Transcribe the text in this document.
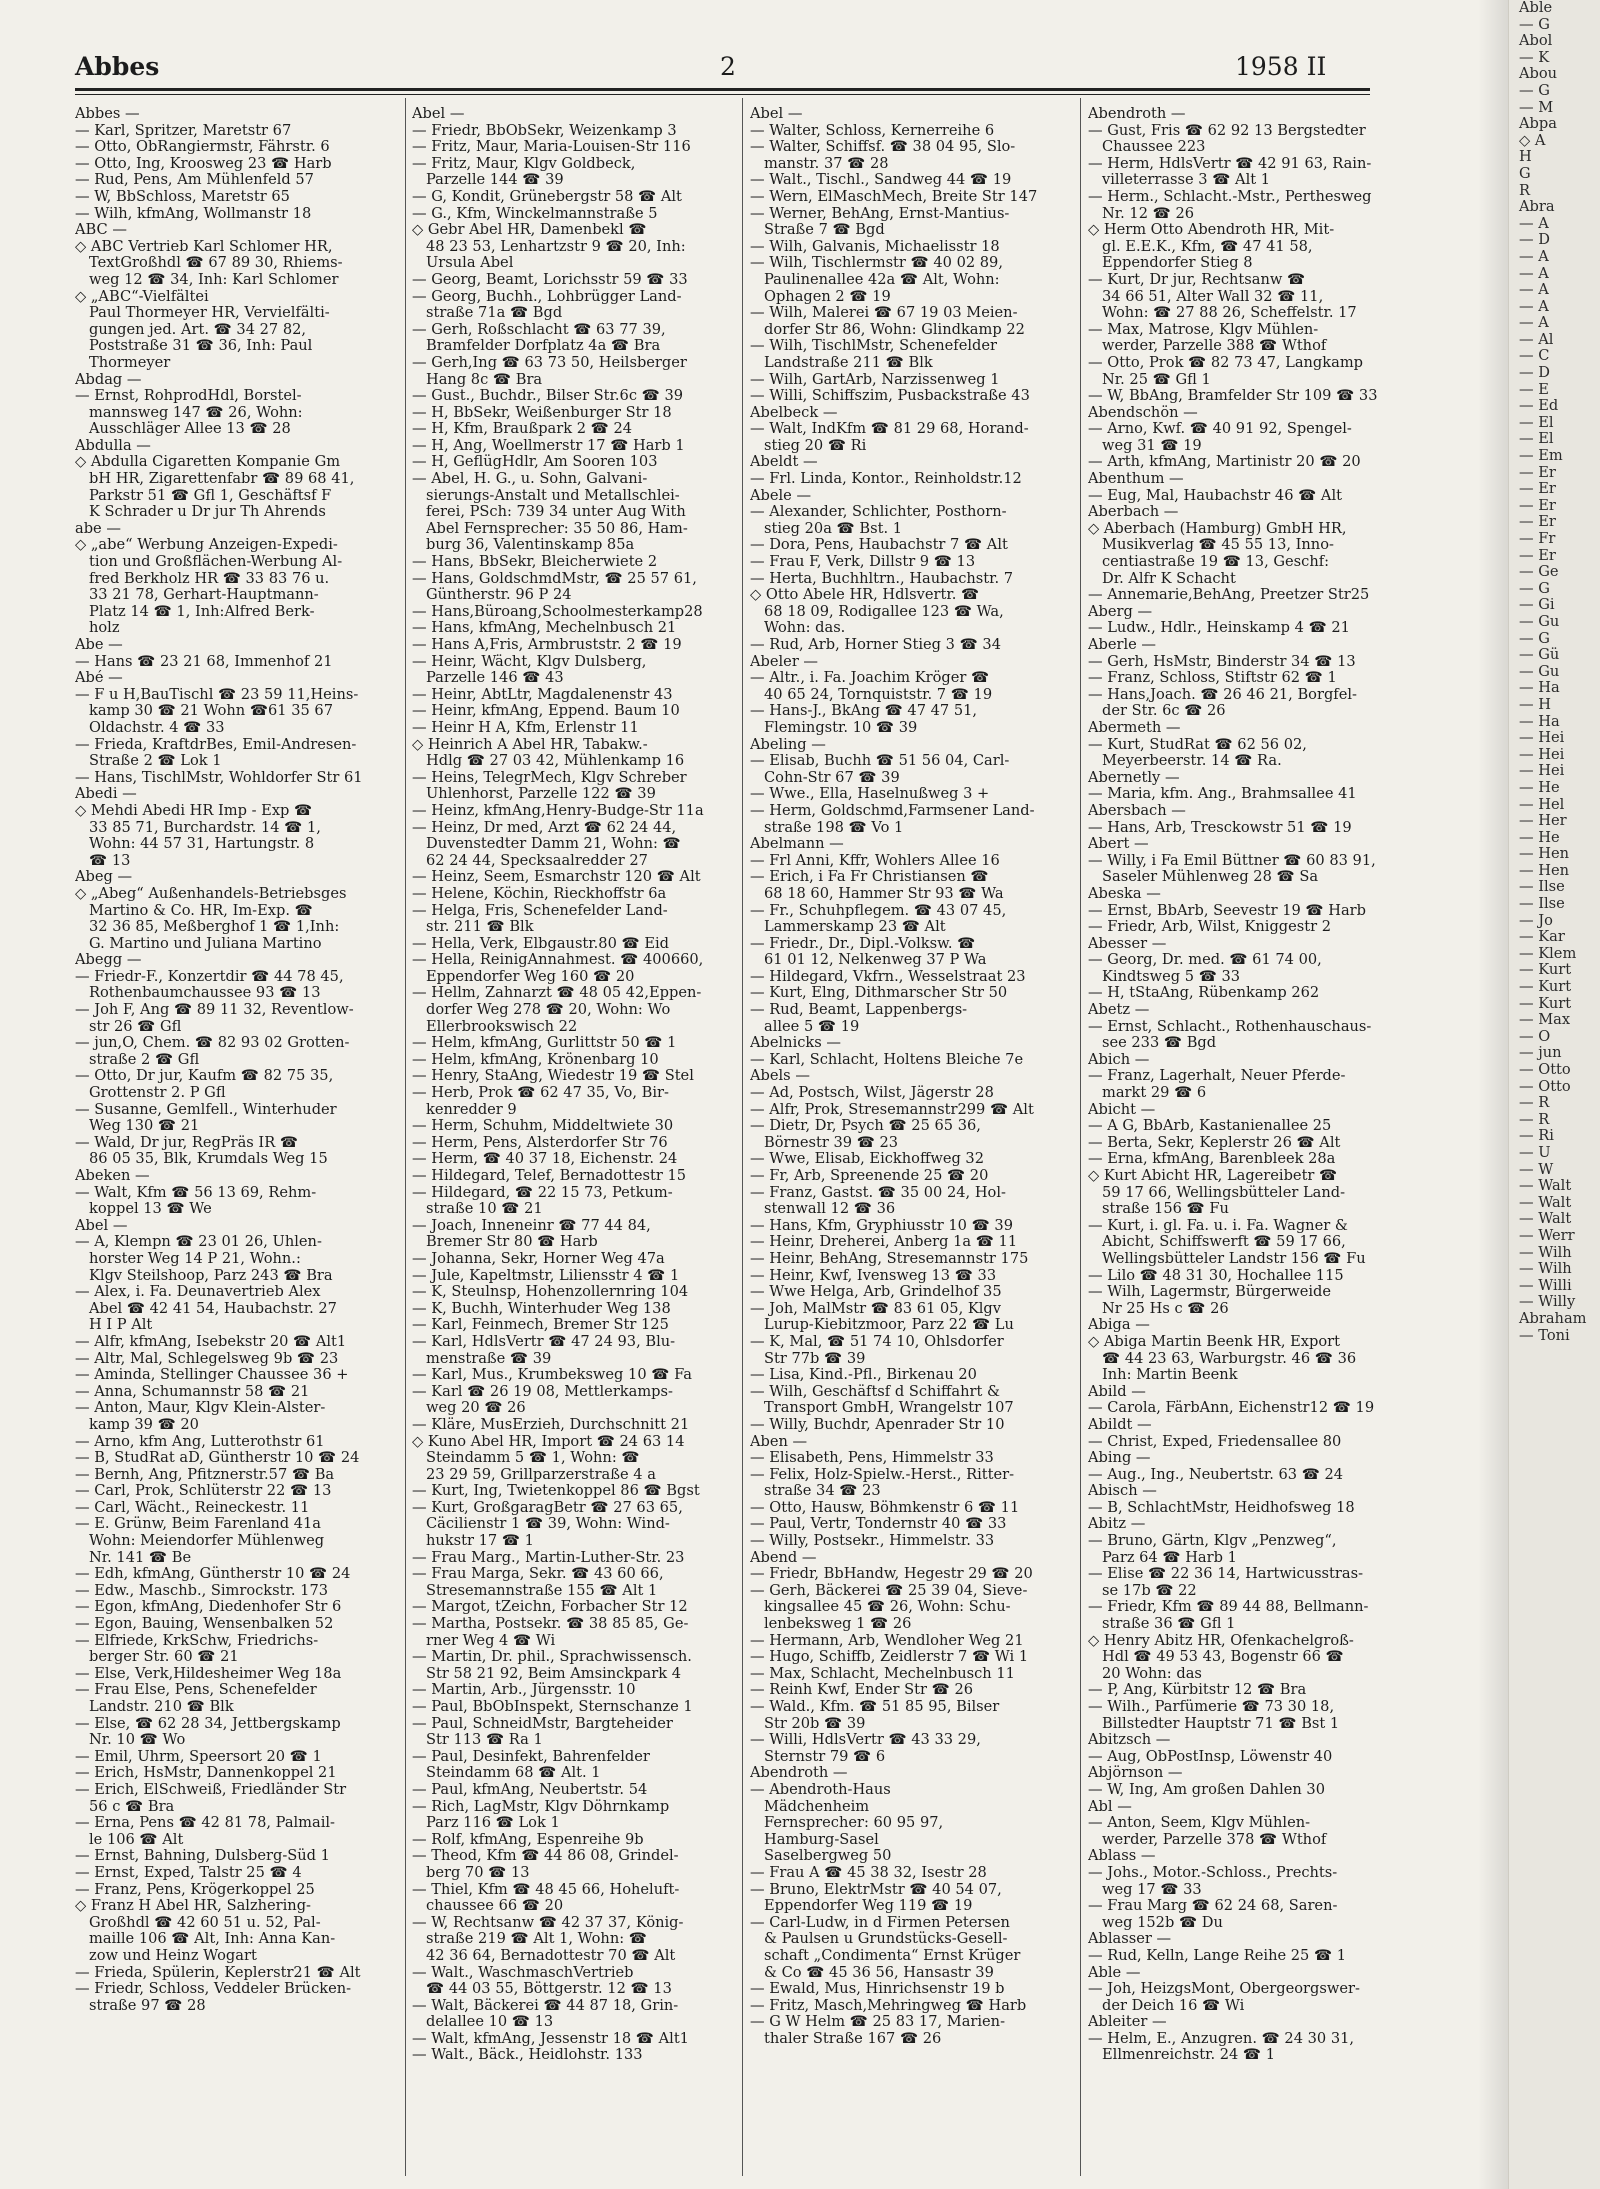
Abbes	2	1958 II
Abbes —
— Karl, Spritzer, Maretstr 67
— Otto, ObRangiermstr, Fährstr. 6
— Otto, Ing, Kroosweg 23 ☎ Harb
— Rud, Pens, Am Mühlenfeld 57
— W, BbSchloss, Maretstr 65
— Wilh, kfmAng, Wollmanstr 18
ABC —
◇ ABC Vertrieb Karl Schlomer HR,
TextGroßhdl ☎ 67 89 30, Rhiems-
weg 12 ☎ 34, Inh: Karl Schlomer
◇ „ABC“-Vielfältei
Paul Thormeyer HR, Vervielfälti-
gungen jed. Art. ☎ 34 27 82,
Poststraße 31 ☎ 36, Inh: Paul
Thormeyer
Abdag —
— Ernst, RohprodHdl, Borstel-
mannsweg 147 ☎ 26, Wohn:
Ausschläger Allee 13 ☎ 28
Abdulla —
◇ Abdulla Cigaretten Kompanie Gm
bH HR, Zigarettenfabr ☎ 89 68 41,
Parkstr 51 ☎ Gfl 1, Geschäftsf F
K Schrader u Dr jur Th Ahrends
abe —
◇ „abe“ Werbung Anzeigen-Expedi-
tion und Großflächen-Werbung Al-
fred Berkholz HR ☎ 33 83 76 u.
33 21 78, Gerhart-Hauptmann-
Platz 14 ☎ 1, Inh:Alfred Berk-
holz
Abe —
— Hans ☎ 23 21 68, Immenhof 21
Abé —
— F u H,BauTischl ☎ 23 59 11,Heins-
kamp 30 ☎ 21 Wohn ☎61 35 67
Oldachstr. 4 ☎ 33
— Frieda, KraftdrBes, Emil-Andresen-
Straße 2 ☎ Lok 1
— Hans, TischlMstr, Wohldorfer Str 61
Abedi —
◇ Mehdi Abedi HR Imp - Exp ☎
33 85 71, Burchardstr. 14 ☎ 1,
Wohn: 44 57 31, Hartungstr. 8
☎ 13
Abeg —
◇ „Abeg“ Außenhandels-Betriebsges
Martino & Co. HR, Im-Exp. ☎
32 36 85, Meßberghof 1 ☎ 1,Inh:
G. Martino und Juliana Martino
Abegg —
— Friedr-F., Konzertdir ☎ 44 78 45,
Rothenbaumchaussee 93 ☎ 13
— Joh F, Ang ☎ 89 11 32, Reventlow-
str 26 ☎ Gfl
— jun,O, Chem. ☎ 82 93 02 Grotten-
straße 2 ☎ Gfl
— Otto, Dr jur, Kaufm ☎ 82 75 35,
Grottenstr 2. P Gfl
— Susanne, Gemlfell., Winterhuder
Weg 130 ☎ 21
— Wald, Dr jur, RegPräs IR ☎
86 05 35, Blk, Krumdals Weg 15
Abeken —
— Walt, Kfm ☎ 56 13 69, Rehm-
koppel 13 ☎ We
Abel —
— A, Klempn ☎ 23 01 26, Uhlen-
horster Weg 14 P 21, Wohn.:
Klgv Steilshoop, Parz 243 ☎ Bra
— Alex, i. Fa. Deunavertrieb Alex
Abel ☎ 42 41 54, Haubachstr. 27
H I P Alt
— Alfr, kfmAng, Isebekstr 20 ☎ Alt1
— Altr, Mal, Schlegelsweg 9b ☎ 23
— Aminda, Stellinger Chaussee 36 +
— Anna, Schumannstr 58 ☎ 21
— Anton, Maur, Klgv Klein-Alster-
kamp 39 ☎ 20
— Arno, kfm Ang, Lutterothstr 61
— B, StudRat aD, Güntherstr 10 ☎ 24
— Bernh, Ang, Pfitznerstr.57 ☎ Ba
— Carl, Prok, Schlüterstr 22 ☎ 13
— Carl, Wächt., Reineckestr. 11
— E. Grünw, Beim Farenland 41a
Wohn: Meiendorfer Mühlenweg
Nr. 141 ☎ Be
— Edh, kfmAng, Güntherstr 10 ☎ 24
— Edw., Maschb., Simrockstr. 173
— Egon, kfmAng, Diedenhofer Str 6
— Egon, Bauing, Wensenbalken 52
— Elfriede, KrkSchw, Friedrichs-
berger Str. 60 ☎ 21
— Else, Verk,Hildesheimer Weg 18a
— Frau Else, Pens, Schenefelder
Landstr. 210 ☎ Blk
— Else, ☎ 62 28 34, Jettbergskamp
Nr. 10 ☎ Wo
— Emil, Uhrm, Speersort 20 ☎ 1
— Erich, HsMstr, Dannenkoppel 21
— Erich, ElSchweiß, Friedländer Str
56 c ☎ Bra
— Erna, Pens ☎ 42 81 78, Palmail-
le 106 ☎ Alt
— Ernst, Bahning, Dulsberg-Süd 1
— Ernst, Exped, Talstr 25 ☎ 4
— Franz, Pens, Krögerkoppel 25
◇ Franz H Abel HR, Salzhering-
Großhdl ☎ 42 60 51 u. 52, Pal-
maille 106 ☎ Alt, Inh: Anna Kan-
zow und Heinz Wogart
— Frieda, Spülerin, Keplerstr21 ☎ Alt
— Friedr, Schloss, Veddeler Brücken-
straße 97 ☎ 28
Abel —
— Friedr, BbObSekr, Weizenkamp 3
— Fritz, Maur, Maria-Louisen-Str 116
— Fritz, Maur, Klgv Goldbeck,
Parzelle 144 ☎ 39
— G, Kondit, Grünebergstr 58 ☎ Alt
— G., Kfm, Winckelmannstraße 5
◇ Gebr Abel HR, Damenbekl ☎
48 23 53, Lenhartzstr 9 ☎ 20, Inh:
Ursula Abel
— Georg, Beamt, Lorichsstr 59 ☎ 33
— Georg, Buchh., Lohbrügger Land-
straße 71a ☎ Bgd
— Gerh, Roßschlacht ☎ 63 77 39,
Bramfelder Dorfplatz 4a ☎ Bra
— Gerh,Ing ☎ 63 73 50, Heilsberger
Hang 8c ☎ Bra
— Gust., Buchdr., Bilser Str.6c ☎ 39
— H, BbSekr, Weißenburger Str 18
— H, Kfm, Braußpark 2 ☎ 24
— H, Ang, Woellmerstr 17 ☎ Harb 1
— H, GeflügHdlr, Am Sooren 103
— Abel, H. G., u. Sohn, Galvani-
sierungs-Anstalt und Metallschlei-
ferei, PSch: 739 34 unter Aug With
Abel Fernsprecher: 35 50 86, Ham-
burg 36, Valentinskamp 85a
— Hans, BbSekr, Bleicherwiete 2
— Hans, GoldschmdMstr, ☎ 25 57 61,
Güntherstr. 96 P 24
— Hans,Büroang,Schoolmesterkamp28
— Hans, kfmAng, Mechelnbusch 21
— Hans A,Fris, Armbruststr. 2 ☎ 19
— Heinr, Wächt, Klgv Dulsberg,
Parzelle 146 ☎ 43
— Heinr, AbtLtr, Magdalenenstr 43
— Heinr, kfmAng, Eppend. Baum 10
— Heinr H A, Kfm, Erlenstr 11
◇ Heinrich A Abel HR, Tabakw.-
Hdlg ☎ 27 03 42, Mühlenkamp 16
— Heins, TelegrMech, Klgv Schreber
Uhlenhorst, Parzelle 122 ☎ 39
— Heinz, kfmAng,Henry-Budge-Str 11a
— Heinz, Dr med, Arzt ☎ 62 24 44,
Duvenstedter Damm 21, Wohn: ☎
62 24 44, Specksaalredder 27
— Heinz, Seem, Esmarchstr 120 ☎ Alt
— Helene, Köchin, Rieckhoffstr 6a
— Helga, Fris, Schenefelder Land-
str. 211 ☎ Blk
— Hella, Verk, Elbgaustr.80 ☎ Eid
— Hella, ReinigAnnahmest. ☎ 400660,
Eppendorfer Weg 160 ☎ 20
— Hellm, Zahnarzt ☎ 48 05 42,Eppen-
dorfer Weg 278 ☎ 20, Wohn: Wo
Ellerbrookswisch 22
— Helm, kfmAng, Gurlittstr 50 ☎ 1
— Helm, kfmAng, Krönenbarg 10
— Henry, StaAng, Wiedestr 19 ☎ Stel
— Herb, Prok ☎ 62 47 35, Vo, Bir-
kenredder 9
— Herm, Schuhm, Middeltwiete 30
— Herm, Pens, Alsterdorfer Str 76
— Herm, ☎ 40 37 18, Eichenstr. 24
— Hildegard, Telef, Bernadottestr 15
— Hildegard, ☎ 22 15 73, Petkum-
straße 10 ☎ 21
— Joach, Inneneinr ☎ 77 44 84,
Bremer Str 80 ☎ Harb
— Johanna, Sekr, Horner Weg 47a
— Jule, Kapeltmstr, Liliensstr 4 ☎ 1
— K, Steulnsp, Hohenzollernring 104
— K, Buchh, Winterhuder Weg 138
— Karl, Feinmech, Bremer Str 125
— Karl, HdlsVertr ☎ 47 24 93, Blu-
menstraße ☎ 39
— Karl, Mus., Krumbeksweg 10 ☎ Fa
— Karl ☎ 26 19 08, Mettlerkamps-
weg 20 ☎ 26
— Kläre, MusErzieh, Durchschnitt 21
◇ Kuno Abel HR, Import ☎ 24 63 14
Steindamm 5 ☎ 1, Wohn: ☎
23 29 59, Grillparzerstraße 4 a
— Kurt, Ing, Twietenkoppel 86 ☎ Bgst
— Kurt, GroßgaragBetr ☎ 27 63 65,
Cäcilienstr 1 ☎ 39, Wohn: Wind-
hukstr 17 ☎ 1
— Frau Marg., Martin-Luther-Str. 23
— Frau Marga, Sekr. ☎ 43 60 66,
Stresemannstraße 155 ☎ Alt 1
— Margot, tZeichn, Forbacher Str 12
— Martha, Postsekr. ☎ 38 85 85, Ge-
rner Weg 4 ☎ Wi
— Martin, Dr. phil., Sprachwissensch.
Str 58 21 92, Beim Amsinckpark 4
— Martin, Arb., Jürgensstr. 10
— Paul, BbObInspekt, Sternschanze 1
— Paul, SchneidMstr, Bargteheider
Str 113 ☎ Ra 1
— Paul, Desinfekt, Bahrenfelder
Steindamm 68 ☎ Alt. 1
— Paul, kfmAng, Neubertstr. 54
— Rich, LagMstr, Klgv Döhrnkamp
Parz 116 ☎ Lok 1
— Rolf, kfmAng, Espenreihe 9b
— Theod, Kfm ☎ 44 86 08, Grindel-
berg 70 ☎ 13
— Thiel, Kfm ☎ 48 45 66, Hoheluft-
chaussee 66 ☎ 20
— W, Rechtsanw ☎ 42 37 37, König-
straße 219 ☎ Alt 1, Wohn: ☎
42 36 64, Bernadottestr 70 ☎ Alt
— Walt., WaschmaschVertrieb
☎ 44 03 55, Böttgerstr. 12 ☎ 13
— Walt, Bäckerei ☎ 44 87 18, Grin-
delallee 10 ☎ 13
— Walt, kfmAng, Jessenstr 18 ☎ Alt1
— Walt., Bäck., Heidlohstr. 133
Abel —
— Walter, Schloss, Kernerreihe 6
— Walter, Schiffsf. ☎ 38 04 95, Slo-
manstr. 37 ☎ 28
— Walt., Tischl., Sandweg 44 ☎ 19
— Wern, ElMaschMech, Breite Str 147
— Werner, BehAng, Ernst-Mantius-
Straße 7 ☎ Bgd
— Wilh, Galvanis, Michaelisstr 18
— Wilh, Tischlermstr ☎ 40 02 89,
Paulinenallee 42a ☎ Alt, Wohn:
Ophagen 2 ☎ 19
— Wilh, Malerei ☎ 67 19 03 Meien-
dorfer Str 86, Wohn: Glindkamp 22
— Wilh, TischlMstr, Schenefelder
Landstraße 211 ☎ Blk
— Wilh, GartArb, Narzissenweg 1
— Willi, Schiffszim, Pusbackstraße 43
Abelbeck —
— Walt, IndKfm ☎ 81 29 68, Horand-
stieg 20 ☎ Ri
Abeldt —
— Frl. Linda, Kontor., Reinholdstr.12
Abele —
— Alexander, Schlichter, Posthorn-
stieg 20a ☎ Bst. 1
— Dora, Pens, Haubachstr 7 ☎ Alt
— Frau F, Verk, Dillstr 9 ☎ 13
— Herta, Buchhltrn., Haubachstr. 7
◇ Otto Abele HR, Hdlsvertr. ☎
68 18 09, Rodigallee 123 ☎ Wa,
Wohn: das.
— Rud, Arb, Horner Stieg 3 ☎ 34
Abeler —
— Altr., i. Fa. Joachim Kröger ☎
40 65 24, Tornquiststr. 7 ☎ 19
— Hans-J., BkAng ☎ 47 47 51,
Flemingstr. 10 ☎ 39
Abeling —
— Elisab, Buchh ☎ 51 56 04, Carl-
Cohn-Str 67 ☎ 39
— Wwe., Ella, Haselnußweg 3 +
— Herm, Goldschmd,Farmsener Land-
straße 198 ☎ Vo 1
Abelmann —
— Frl Anni, Kffr, Wohlers Allee 16
— Erich, i Fa Fr Christiansen ☎
68 18 60, Hammer Str 93 ☎ Wa
— Fr., Schuhpflegem. ☎ 43 07 45,
Lammerskamp 23 ☎ Alt
— Friedr., Dr., Dipl.-Volksw. ☎
61 01 12, Nelkenweg 37 P Wa
— Hildegard, Vkfrn., Wesselstraat 23
— Kurt, Elng, Dithmarscher Str 50
— Rud, Beamt, Lappenbergs-
allee 5 ☎ 19
Abelnicks —
— Karl, Schlacht, Holtens Bleiche 7e
Abels —
— Ad, Postsch, Wilst, Jägerstr 28
— Alfr, Prok, Stresemannstr299 ☎ Alt
— Dietr, Dr, Psych ☎ 25 65 36,
Börnestr 39 ☎ 23
— Wwe, Elisab, Eickhoffweg 32
— Fr, Arb, Spreenende 25 ☎ 20
— Franz, Gastst. ☎ 35 00 24, Hol-
stenwall 12 ☎ 36
— Hans, Kfm, Gryphiusstr 10 ☎ 39
— Heinr, Dreherei, Anberg 1a ☎ 11
— Heinr, BehAng, Stresemannstr 175
— Heinr, Kwf, Ivensweg 13 ☎ 33
— Wwe Helga, Arb, Grindelhof 35
— Joh, MalMstr ☎ 83 61 05, Klgv
Lurup-Kiebitzmoor, Parz 22 ☎ Lu
— K, Mal, ☎ 51 74 10, Ohlsdorfer
Str 77b ☎ 39
— Lisa, Kind.-Pfl., Birkenau 20
— Wilh, Geschäftsf d Schiffahrt &
Transport GmbH, Wrangelstr 107
— Willy, Buchdr, Apenrader Str 10
Aben —
— Elisabeth, Pens, Himmelstr 33
— Felix, Holz-Spielw.-Herst., Ritter-
straße 34 ☎ 23
— Otto, Hausw, Böhmkenstr 6 ☎ 11
— Paul, Vertr, Tondernstr 40 ☎ 33
— Willy, Postsekr., Himmelstr. 33
Abend —
— Friedr, BbHandw, Hegestr 29 ☎ 20
— Gerh, Bäckerei ☎ 25 39 04, Sieve-
kingsallee 45 ☎ 26, Wohn: Schu-
lenbeksweg 1 ☎ 26
— Hermann, Arb, Wendloher Weg 21
— Hugo, Schiffb, Zeidlerstr 7 ☎ Wi 1
— Max, Schlacht, Mechelnbusch 11
— Reinh Kwf, Ender Str ☎ 26
— Wald., Kfm. ☎ 51 85 95, Bilser
Str 20b ☎ 39
— Willi, HdlsVertr ☎ 43 33 29,
Sternstr 79 ☎ 6
Abendroth —
— Abendroth-Haus
Mädchenheim
Fernsprecher: 60 95 97,
Hamburg-Sasel
Saselbergweg 50
— Frau A ☎ 45 38 32, Isestr 28
— Bruno, ElektrMstr ☎ 40 54 07,
Eppendorfer Weg 119 ☎ 19
— Carl-Ludw, in d Firmen Petersen
& Paulsen u Grundstücks-Gesell-
schaft „Condimenta“ Ernst Krüger
& Co ☎ 45 36 56, Hansastr 39
— Ewald, Mus, Hinrichsenstr 19 b
— Fritz, Masch,Mehringweg ☎ Harb
— G W Helm ☎ 25 83 17, Marien-
thaler Straße 167 ☎ 26
Abendroth —
— Gust, Fris ☎ 62 92 13 Bergstedter
Chaussee 223
— Herm, HdlsVertr ☎ 42 91 63, Rain-
villeterrasse 3 ☎ Alt 1
— Herm., Schlacht.-Mstr., Perthesweg
Nr. 12 ☎ 26
◇ Herm Otto Abendroth HR, Mit-
gl. E.E.K., Kfm, ☎ 47 41 58,
Eppendorfer Stieg 8
— Kurt, Dr jur, Rechtsanw ☎
34 66 51, Alter Wall 32 ☎ 11,
Wohn: ☎ 27 88 26, Scheffelstr. 17
— Max, Matrose, Klgv Mühlen-
werder, Parzelle 388 ☎ Wthof
— Otto, Prok ☎ 82 73 47, Langkamp
Nr. 25 ☎ Gfl 1
— W, BbAng, Bramfelder Str 109 ☎ 33
Abendschön —
— Arno, Kwf. ☎ 40 91 92, Spengel-
weg 31 ☎ 19
— Arth, kfmAng, Martinistr 20 ☎ 20
Abenthum —
— Eug, Mal, Haubachstr 46 ☎ Alt
Aberbach —
◇ Aberbach (Hamburg) GmbH HR,
Musikverlag ☎ 45 55 13, Inno-
centiastraße 19 ☎ 13, Geschf:
Dr. Alfr K Schacht
— Annemarie,BehAng, Preetzer Str25
Aberg —
— Ludw., Hdlr., Heinskamp 4 ☎ 21
Aberle —
— Gerh, HsMstr, Binderstr 34 ☎ 13
— Franz, Schloss, Stiftstr 62 ☎ 1
— Hans,Joach. ☎ 26 46 21, Borgfel-
der Str. 6c ☎ 26
Abermeth —
— Kurt, StudRat ☎ 62 56 02,
Meyerbeerstr. 14 ☎ Ra.
Abernetly —
— Maria, kfm. Ang., Brahmsallee 41
Abersbach —
— Hans, Arb, Tresckowstr 51 ☎ 19
Abert —
— Willy, i Fa Emil Büttner ☎ 60 83 91,
Saseler Mühlenweg 28 ☎ Sa
Abeska —
— Ernst, BbArb, Seevestr 19 ☎ Harb
— Friedr, Arb, Wilst, Kniggestr 2
Abesser —
— Georg, Dr. med. ☎ 61 74 00,
Kindtsweg 5 ☎ 33
— H, tStaAng, Rübenkamp 262
Abetz —
— Ernst, Schlacht., Rothenhauschaus-
see 233 ☎ Bgd
Abich —
— Franz, Lagerhalt, Neuer Pferde-
markt 29 ☎ 6
Abicht —
— A G, BbArb, Kastanienallee 25
— Berta, Sekr, Keplerstr 26 ☎ Alt
— Erna, kfmAng, Barenbleek 28a
◇ Kurt Abicht HR, Lagereibetr ☎
59 17 66, Wellingsbütteler Land-
straße 156 ☎ Fu
— Kurt, i. gl. Fa. u. i. Fa. Wagner &
Abicht, Schiffswerft ☎ 59 17 66,
Wellingsbütteler Landstr 156 ☎ Fu
— Lilo ☎ 48 31 30, Hochallee 115
— Wilh, Lagermstr, Bürgerweide
Nr 25 Hs c ☎ 26
Abiga —
◇ Abiga Martin Beenk HR, Export
☎ 44 23 63, Warburgstr. 46 ☎ 36
Inh: Martin Beenk
Abild —
— Carola, FärbAnn, Eichenstr12 ☎ 19
Abildt —
— Christ, Exped, Friedensallee 80
Abing —
— Aug., Ing., Neubertstr. 63 ☎ 24
Abisch —
— B, SchlachtMstr, Heidhofsweg 18
Abitz —
— Bruno, Gärtn, Klgv „Penzweg“,
Parz 64 ☎ Harb 1
— Elise ☎ 22 36 14, Hartwicusstras-
se 17b ☎ 22
— Friedr, Kfm ☎ 89 44 88, Bellmann-
straße 36 ☎ Gfl 1
◇ Henry Abitz HR, Ofenkachelgroß-
Hdl ☎ 49 53 43, Bogenstr 66 ☎
20 Wohn: das
— P, Ang, Kürbitstr 12 ☎ Bra
— Wilh., Parfümerie ☎ 73 30 18,
Billstedter Hauptstr 71 ☎ Bst 1
Abitzsch —
— Aug, ObPostInsp, Löwenstr 40
Abjörnson —
— W, Ing, Am großen Dahlen 30
Abl —
— Anton, Seem, Klgv Mühlen-
werder, Parzelle 378 ☎ Wthof
Ablass —
— Johs., Motor.-Schloss., Prechts-
weg 17 ☎ 33
— Frau Marg ☎ 62 24 68, Saren-
weg 152b ☎ Du
Ablasser —
— Rud, Kelln, Lange Reihe 25 ☎ 1
Able —
— Joh, HeizgsMont, Obergeorgswer-
der Deich 16 ☎ Wi
Ableiter —
— Helm, E., Anzugren. ☎ 24 30 31,
Ellmenreichstr. 24 ☎ 1
Able
— G
Abol
— K
Abou
— G
— M
Abpa
◇ A
H
G
R
Abra
— A
— D
— A
— A
— A
— A
— A
— Al
— C
— D
— E
— Ed
— El
— El
— Em
— Er
— Er
— Er
— Er
— Fr
— Er
— Ge
— G
— Gi
— Gu
— G
— Gü
— Gu
— Ha
— H
— Ha
— Hei
— Hei
— Hei
— He
— Hel
— Her
— He
— Hen
— Hen
— Ilse
— Ilse
— Jo
— Kar
— Klem
— Kurt
— Kurt
— Kurt
— Max
— O
— jun
— Otto
— Otto
— R
— R
— Ri
— U
— W
— Walt
— Walt
— Walt
— Werr
— Wilh
— Wilh
— Willi
— Willy
Abraham
— Toni
